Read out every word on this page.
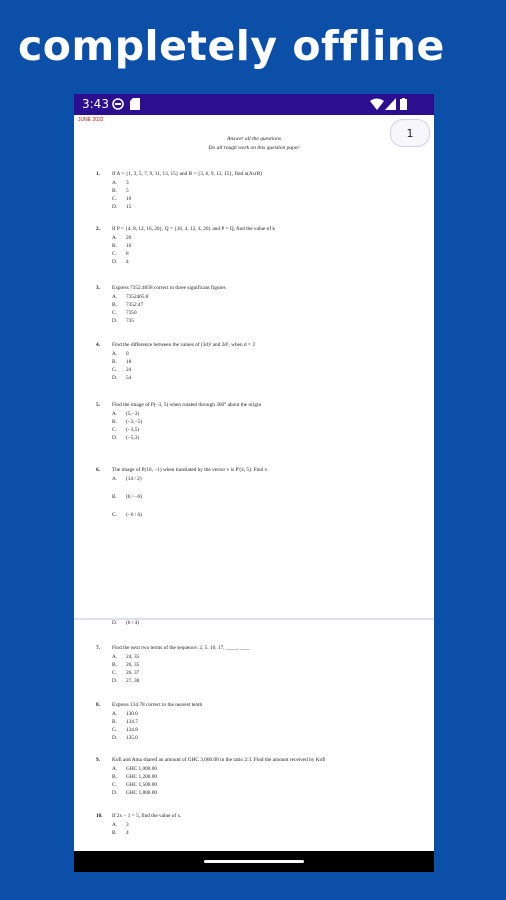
completely offline
3:43
JUNE 2022
1
Answer all the questions
Do all rough work on this question paper
1. If A = {1, 3, 5, 7, 9, 11, 13, 15} and B = {3, 6, 9, 12, 15}, find n(A∪B)
A. 3
B. 5
C. 10
D. 15
2. If P = {4, 8, 12, 16, 20}, Q = {16, 4, 12, 4, 20} and P = Q, find the value of k
A. 20
B. 16
C. 8
D. 4
3. Express 7352.4658 correct to three significant figures
A. 7352465.8
B. 7352.47
C. 7350
D. 735
4. Find the difference between the values of (3d)² and 2d², when d = 3
A. 0
B. 18
C. 24
D. 54
5. Find the image of P(−3, 5) when rotated through 360° about the origin
A. (5,−3)
B. (−3,−5)
C. (−3,5)
D. (−5,3)
6. The image of P(10, −1) when translated by the vector v is P'(4, 5). Find v.
A. (14 / 2)
B. (6 / −6)
C. (−6 / 6)
D. (6 / 4)
7. Find the next two terms of the sequence: 2, 5, 10, 17, ____, ____
A. 24, 35
B. 26, 35
C. 26, 37
D. 27, 38
8. Express 134.78 correct to the nearest tenth
A. 130.0
B. 134.7
C. 134.8
D. 135.0
9. Kofi and Ama shared an amount of GHC 3,000.00 in the ratio 2:3. Find the amount received by Kofi
A. GHC 1,000.00
B. GHC 1,200.00
C. GHC 1,500.00
D. GHC 1,800.00
10. If 2x − 1 = 5, find the value of x.
A. 3
B. 4
